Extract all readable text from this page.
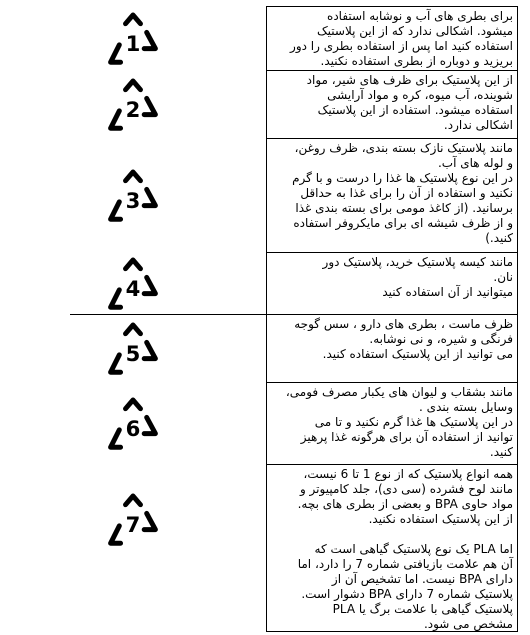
1
برای بطری های آب و نوشابه استفاده
میشود. اشکالی ندارد که از این پلاستیک
استفاده کنید اما پس از استفاده بطری را دور
بریزید و دوباره از بطری استفاده نکنید.
2
از این پلاستیک برای ظرف های شیر، مواد
شوینده، آب میوه، کره و مواد آرایشی
استفاده میشود. استفاده از این پلاستیک
اشکالی ندارد.
3
مانند پلاستیک نازک بسته بندی، ظرف روغن،
و لوله های آب.
در این نوع پلاستیک ها غذا را درست و با گرم
نکنید و استفاده از آن را برای غذا به حداقل
برسانید. (از کاغذ مومی برای بسته بندی غذا
و از ظرف شیشه ای برای مایکروفر استفاده
کنید.)
4
مانند کیسه پلاستیک خرید، پلاستیک دور
نان.
میتوانید از آن استفاده کنید
5
ظرف ماست ، بطری های دارو ، سس گوجه
فرنگی و شیره، و نی نوشابه.
می توانید از این پلاستیک استفاده کنید.
6
مانند بشقاب و لیوان های یکبار مصرف فومی،
وسایل بسته بندی .
در این پلاستیک ها غذا گرم نکنید و تا می
توانید از استفاده آن برای هرگونه غذا پرهیز
کنید.
7
همه انواع پلاستیک که از نوع 1 تا 6 نیست،
مانند لوح فشرده (سی دی)، جلد کامپیوتر و
مواد حاوی BPA و بعضی از بطری های بچه.
از این پلاستیک استفاده نکنید.

اما PLA یک نوع پلاستیک گیاهی است که
آن هم علامت بازیافتی شماره 7 را دارد، اما
دارای BPA نیست. اما تشخیص آن از
پلاستیک شماره 7 دارای BPA دشوار است.
پلاستیک گیاهی با علامت برگ یا PLA
مشخص می شود.
